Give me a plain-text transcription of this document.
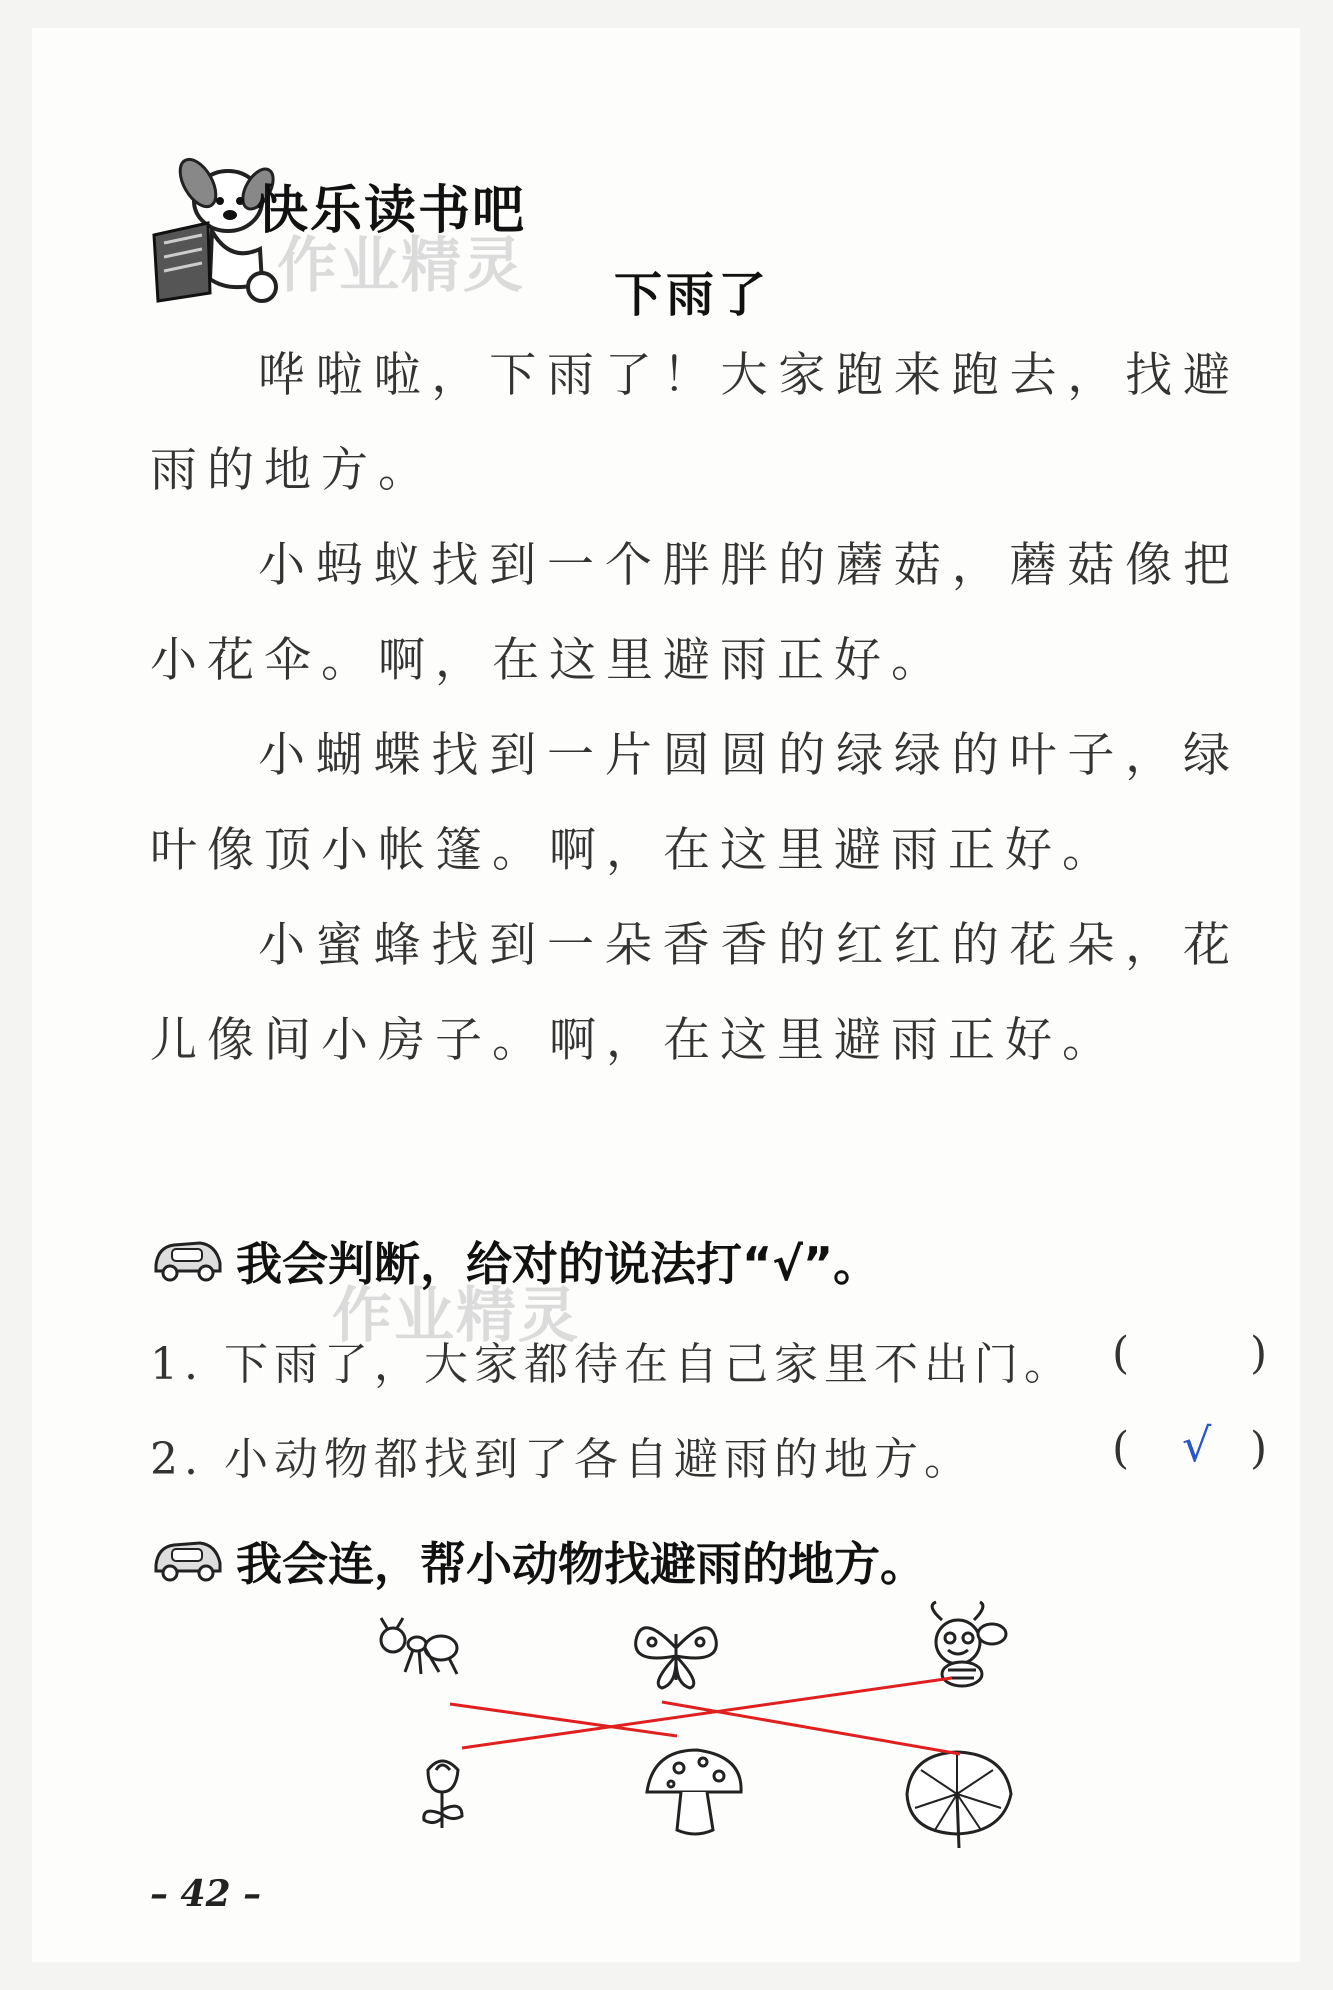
快乐读书吧
作业精灵 下雨了

哗啦啦，下雨了！大家跑来跑去，找避雨的地方。

小蚂蚁找到一个胖胖的蘑菇，蘑菇像把小花伞。啊，在这里避雨正好。

小蝴蝶找到一片圆圆的绿绿的叶子，绿叶像顶小帐篷。啊，在这里避雨正好。

小蜜蜂找到一朵香香的红红的花朵，花儿像间小房子。啊，在这里避雨正好。

我会判断，给对的说法打“√”。
作业精灵
1. 下雨了，大家都待在自己家里不出门。 (	)
2. 小动物都找到了各自避雨的地方。	( √ )
我会连，帮小动物找避雨的地方。
– 42 –
